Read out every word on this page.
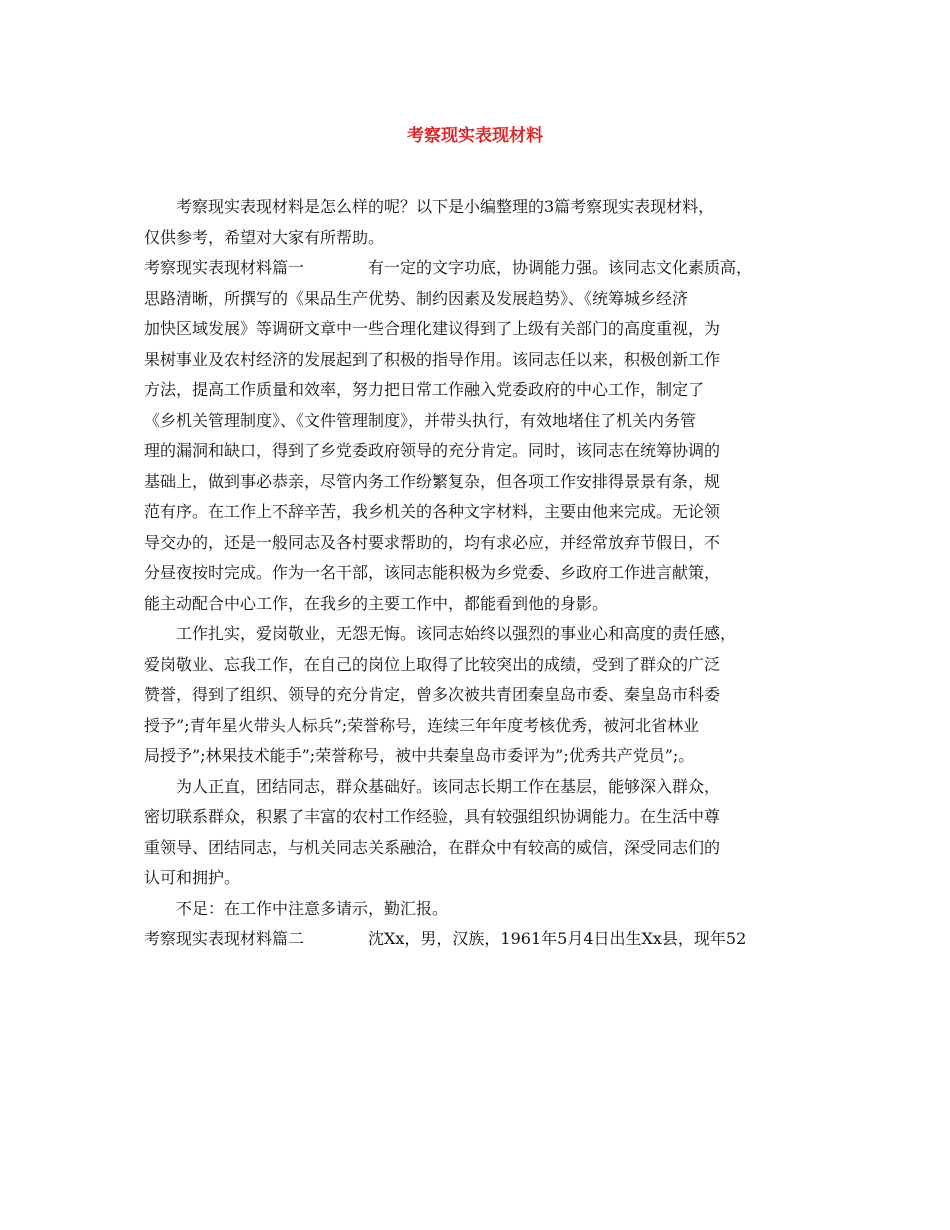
考察现实表现材料
考察现实表现材料是怎么样的呢？以下是小编整理的3篇考察现实表现材料，
仅供参考，希望对大家有所帮助。
考察现实表现材料篇一	有一定的文字功底，协调能力强。该同志文化素质高，
思路清晰，所撰写的《果品生产优势、制约因素及发展趋势》、《统筹城乡经济
加快区域发展》等调研文章中一些合理化建议得到了上级有关部门的高度重视，为
果树事业及农村经济的发展起到了积极的指导作用。该同志任以来，积极创新工作
方法，提高工作质量和效率，努力把日常工作融入党委政府的中心工作，制定了
《乡机关管理制度》、《文件管理制度》，并带头执行，有效地堵住了机关内务管
理的漏洞和缺口，得到了乡党委政府领导的充分肯定。同时，该同志在统筹协调的
基础上，做到事必恭亲，尽管内务工作纷繁复杂，但各项工作安排得景景有条，规
范有序。在工作上不辞辛苦，我乡机关的各种文字材料，主要由他来完成。无论领
导交办的，还是一般同志及各村要求帮助的，均有求必应，并经常放弃节假日，不
分昼夜按时完成。作为一名干部，该同志能积极为乡党委、乡政府工作进言献策，
能主动配合中心工作，在我乡的主要工作中，都能看到他的身影。
工作扎实，爱岗敬业，无怨无悔。该同志始终以强烈的事业心和高度的责任感，
爱岗敬业、忘我工作，在自己的岗位上取得了比较突出的成绩，受到了群众的广泛
赞誉，得到了组织、领导的充分肯定，曾多次被共青团秦皇岛市委、秦皇岛市科委
授予”;青年星火带头人标兵”;荣誉称号，连续三年年度考核优秀，被河北省林业
局授予”;林果技术能手”;荣誉称号，被中共秦皇岛市委评为”;优秀共产党员”;。
为人正直，团结同志，群众基础好。该同志长期工作在基层，能够深入群众，
密切联系群众，积累了丰富的农村工作经验，具有较强组织协调能力。在生活中尊
重领导、团结同志，与机关同志关系融洽，在群众中有较高的威信，深受同志们的
认可和拥护。
不足：在工作中注意多请示，勤汇报。
考察现实表现材料篇二	沈Xx，男，汉族，1961年5月4日出生Xx县，现年52
